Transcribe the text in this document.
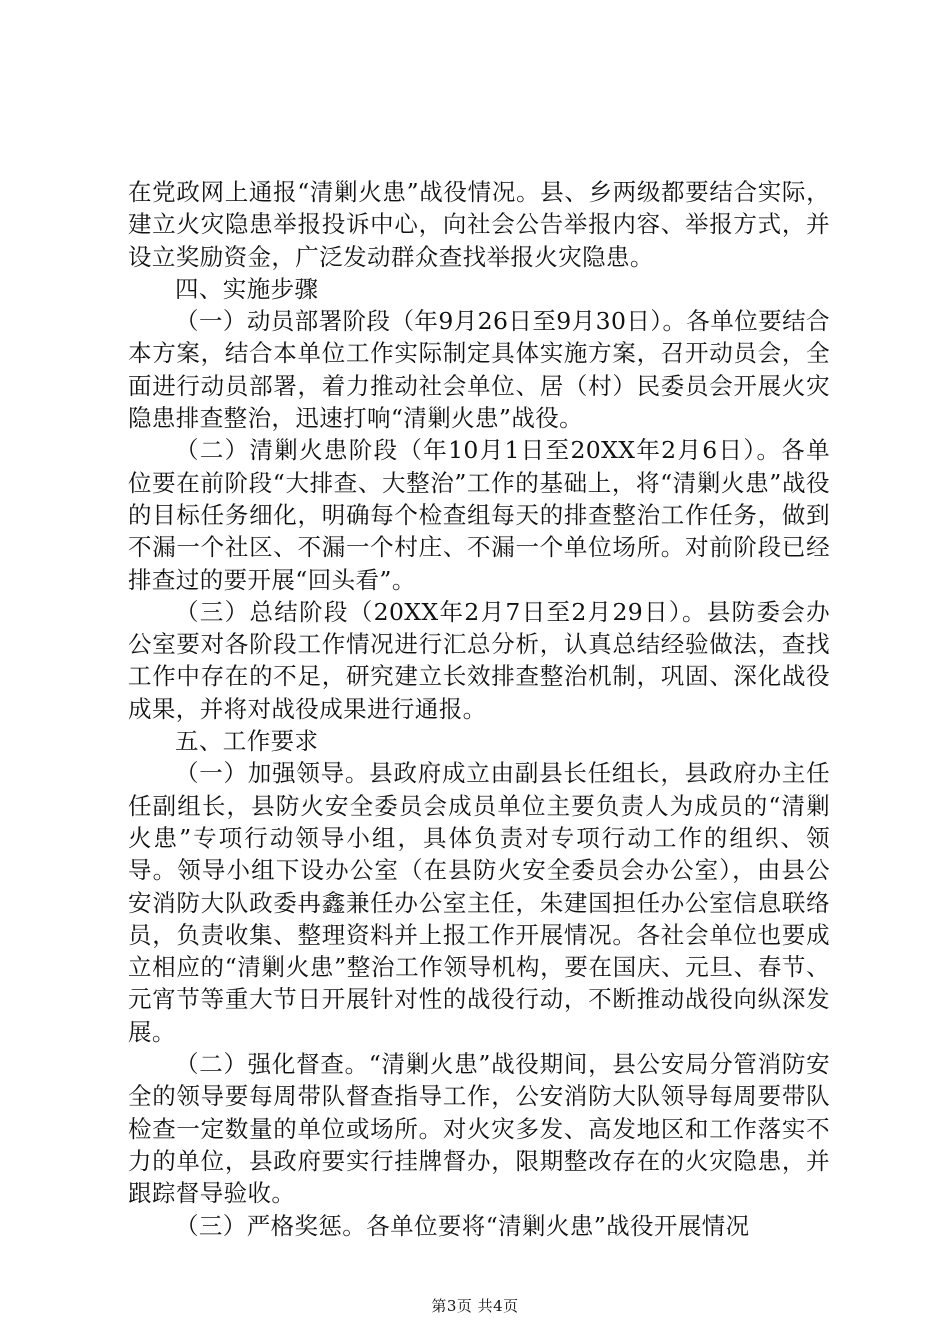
在党政网上通报“清剿火患”战役情况。县、乡两级都要结合实际，建立火灾隐患举报投诉中心，向社会公告举报内容、举报方式，并设立奖励资金，广泛发动群众查找举报火灾隐患。

四、实施步骤

（一）动员部署阶段（年9月26日至9月30日）。各单位要结合本方案，结合本单位工作实际制定具体实施方案，召开动员会，全面进行动员部署，着力推动社会单位、居（村）民委员会开展火灾隐患排查整治，迅速打响“清剿火患”战役。

（二）清剿火患阶段（年10月1日至20XX年2月6日）。各单位要在前阶段“大排查、大整治”工作的基础上，将“清剿火患”战役的目标任务细化，明确每个检查组每天的排查整治工作任务，做到不漏一个社区、不漏一个村庄、不漏一个单位场所。对前阶段已经排查过的要开展“回头看”。

（三）总结阶段（20XX年2月7日至2月29日）。县防委会办公室要对各阶段工作情况进行汇总分析，认真总结经验做法，查找工作中存在的不足，研究建立长效排查整治机制，巩固、深化战役成果，并将对战役成果进行通报。

五、工作要求

（一）加强领导。县政府成立由副县长任组长，县政府办主任任副组长，县防火安全委员会成员单位主要负责人为成员的“清剿火患”专项行动领导小组，具体负责对专项行动工作的组织、领导。领导小组下设办公室（在县防火安全委员会办公室），由县公安消防大队政委冉鑫兼任办公室主任，朱建国担任办公室信息联络员，负责收集、整理资料并上报工作开展情况。各社会单位也要成立相应的“清剿火患”整治工作领导机构，要在国庆、元旦、春节、元宵节等重大节日开展针对性的战役行动，不断推动战役向纵深发展。

（二）强化督查。“清剿火患”战役期间，县公安局分管消防安全的领导要每周带队督查指导工作，公安消防大队领导每周要带队检查一定数量的单位或场所。对火灾多发、高发地区和工作落实不力的单位，县政府要实行挂牌督办，限期整改存在的火灾隐患，并跟踪督导验收。

（三）严格奖惩。各单位要将“清剿火患”战役开展情况

第3页 共4页
